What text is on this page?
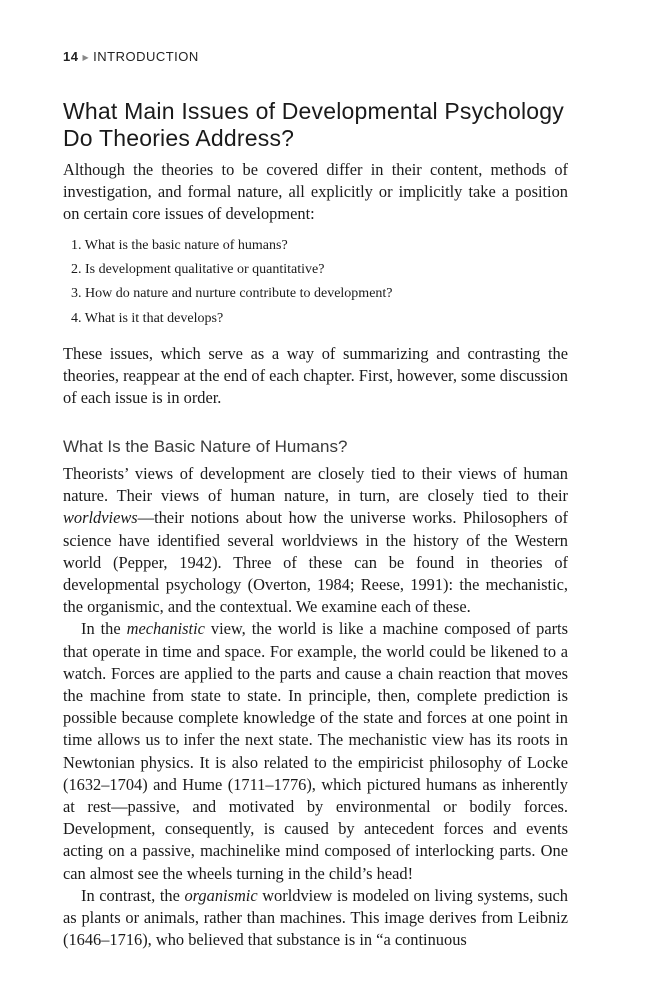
14 ▶ INTRODUCTION
What Main Issues of Developmental Psychology Do Theories Address?

Although the theories to be covered differ in their content, methods of investigation, and formal nature, all explicitly or implicitly take a position on certain core issues of development:

1. What is the basic nature of humans?
2. Is development qualitative or quantitative?
3. How do nature and nurture contribute to development?
4. What is it that develops?

These issues, which serve as a way of summarizing and contrasting the theories, reappear at the end of each chapter. First, however, some discussion of each issue is in order.

What Is the Basic Nature of Humans?

Theorists’ views of development are closely tied to their views of human nature. Their views of human nature, in turn, are closely tied to their worldviews—their notions about how the universe works. Philosophers of science have identified several worldviews in the history of the Western world (Pepper, 1942). Three of these can be found in theories of developmental psychology (Overton, 1984; Reese, 1991): the mechanistic, the organismic, and the contextual. We examine each of these.

In the mechanistic view, the world is like a machine composed of parts that operate in time and space. For example, the world could be likened to a watch. Forces are applied to the parts and cause a chain reaction that moves the machine from state to state. In principle, then, complete prediction is possible because complete knowledge of the state and forces at one point in time allows us to infer the next state. The mechanistic view has its roots in Newtonian physics. It is also related to the empiricist philosophy of Locke (1632–1704) and Hume (1711–1776), which pictured humans as inherently at rest—passive, and motivated by environmental or bodily forces. Development, consequently, is caused by antecedent forces and events acting on a passive, machinelike mind composed of interlocking parts. One can almost see the wheels turning in the child’s head!

In contrast, the organismic worldview is modeled on living systems, such as plants or animals, rather than machines. This image derives from Leibniz (1646–1716), who believed that substance is in “a continuous
